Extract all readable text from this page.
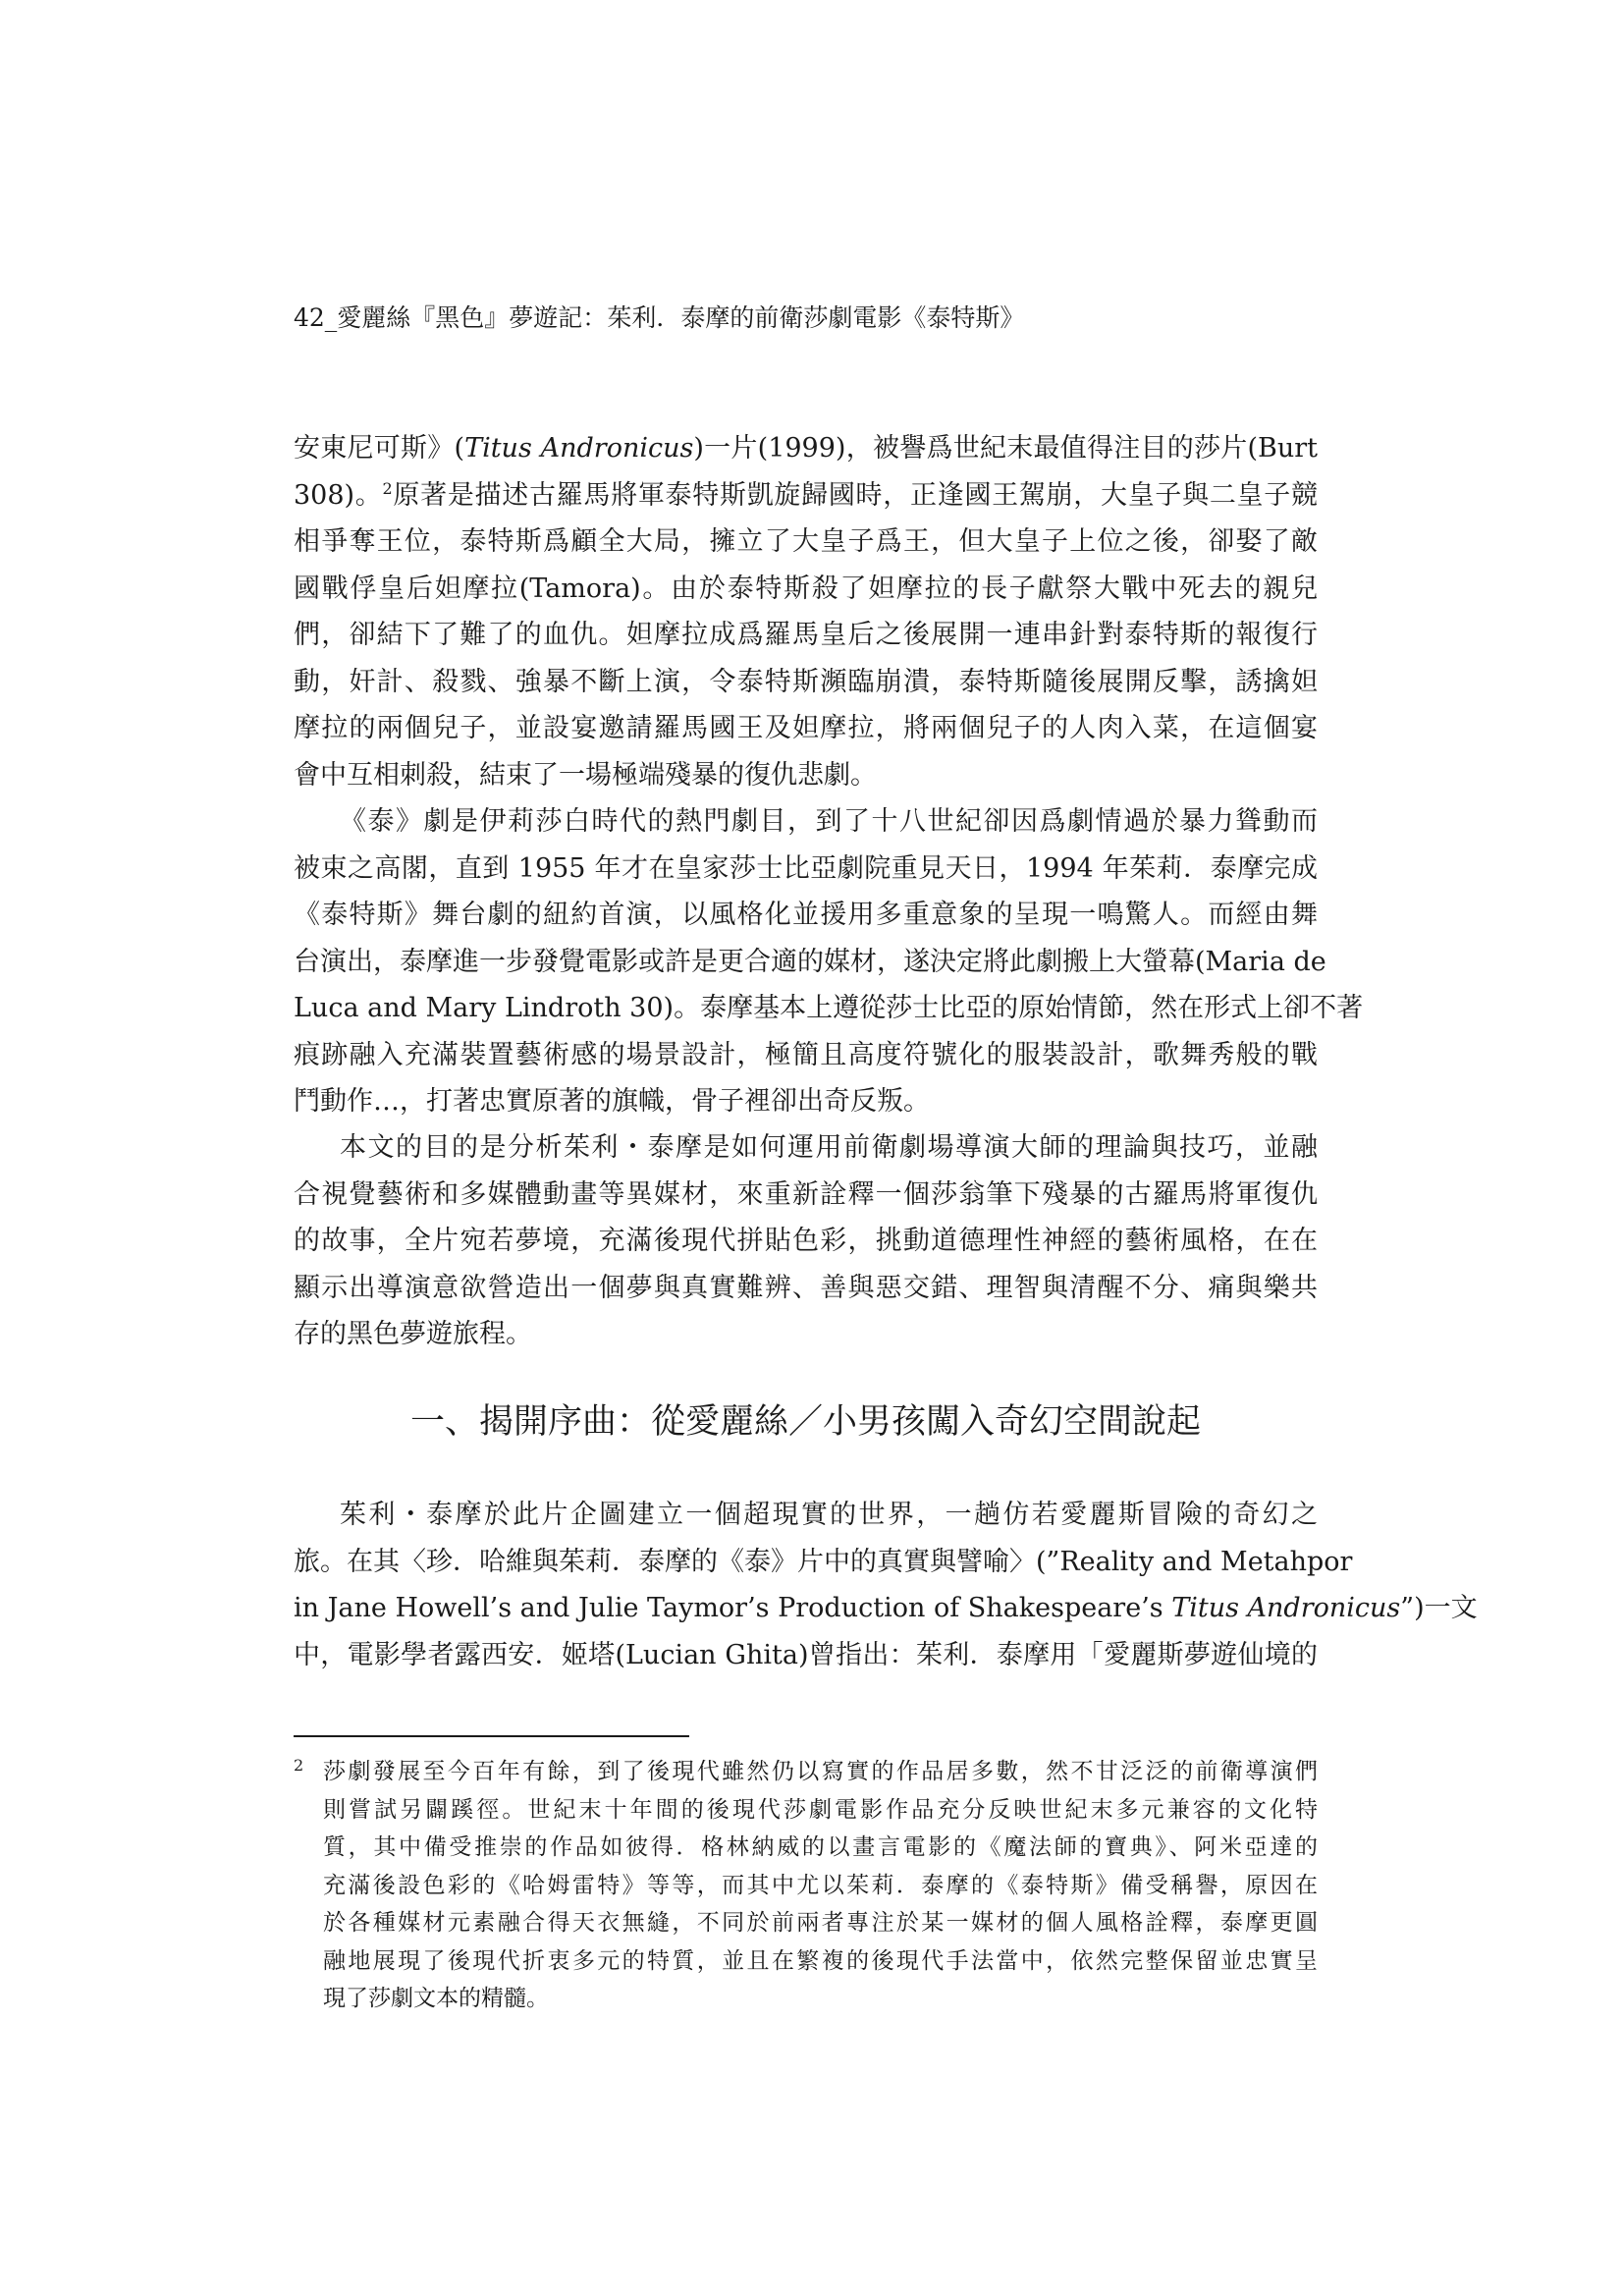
42_愛麗絲『黑色』夢遊記：茱利．泰摩的前衛莎劇電影《泰特斯》
安東尼可斯》(Titus Andronicus)一片(1999)，被譽爲世紀末最值得注目的莎片(Burt
308)。$^2$原著是描述古羅馬將軍泰特斯凱旋歸國時，正逢國王駕崩，大皇子與二皇子競
相爭奪王位，泰特斯爲顧全大局，擁立了大皇子爲王，但大皇子上位之後，卻娶了敵
國戰俘皇后妲摩拉(Tamora)。由於泰特斯殺了妲摩拉的長子獻祭大戰中死去的親兒
們，卻結下了難了的血仇。妲摩拉成爲羅馬皇后之後展開一連串針對泰特斯的報復行
動，奸計、殺戮、強暴不斷上演，令泰特斯瀕臨崩潰，泰特斯隨後展開反擊，誘擒妲
摩拉的兩個兒子，並設宴邀請羅馬國王及妲摩拉，將兩個兒子的人肉入菜，在這個宴
會中互相刺殺，結束了一場極端殘暴的復仇悲劇。
《泰》劇是伊莉莎白時代的熱門劇目，到了十八世紀卻因爲劇情過於暴力聳動而
被束之高閣，直到 1955 年才在皇家莎士比亞劇院重見天日，1994 年茱莉．泰摩完成
《泰特斯》舞台劇的紐約首演，以風格化並援用多重意象的呈現一鳴驚人。而經由舞
台演出，泰摩進一步發覺電影或許是更合適的媒材，遂決定將此劇搬上大螢幕(Maria de
Luca and Mary Lindroth 30)。泰摩基本上遵從莎士比亞的原始情節，然在形式上卻不著
痕跡融入充滿裝置藝術感的場景設計，極簡且高度符號化的服裝設計，歌舞秀般的戰
鬥動作…，打著忠實原著的旗幟，骨子裡卻出奇反叛。
本文的目的是分析茱利・泰摩是如何運用前衛劇場導演大師的理論與技巧，並融
合視覺藝術和多媒體動畫等異媒材，來重新詮釋一個莎翁筆下殘暴的古羅馬將軍復仇
的故事，全片宛若夢境，充滿後現代拼貼色彩，挑動道德理性神經的藝術風格，在在
顯示出導演意欲營造出一個夢與真實難辨、善與惡交錯、理智與清醒不分、痛與樂共
存的黑色夢遊旅程。
一、揭開序曲：從愛麗絲／小男孩闖入奇幻空間說起
茱利・泰摩於此片企圖建立一個超現實的世界，一趟仿若愛麗斯冒險的奇幻之
旅。在其〈珍．哈維與茱莉．泰摩的《泰》片中的真實與譬喻〉(”Reality and Metahpor
in Jane Howell’s and Julie Taymor’s Production of Shakespeare’s Titus Andronicus”)一文
中，電影學者露西安．姬塔(Lucian Ghita)曾指出：茱利．泰摩用「愛麗斯夢遊仙境的
2 莎劇發展至今百年有餘，到了後現代雖然仍以寫實的作品居多數，然不甘泛泛的前衛導演們
則嘗試另闢蹊徑。世紀末十年間的後現代莎劇電影作品充分反映世紀末多元兼容的文化特
質，其中備受推崇的作品如彼得．格林納威的以畫言電影的《魔法師的寶典》、阿米亞達的
充滿後設色彩的《哈姆雷特》等等，而其中尤以茱莉．泰摩的《泰特斯》備受稱譽，原因在
於各種媒材元素融合得天衣無縫，不同於前兩者專注於某一媒材的個人風格詮釋，泰摩更圓
融地展現了後現代折衷多元的特質，並且在繁複的後現代手法當中，依然完整保留並忠實呈
現了莎劇文本的精髓。
